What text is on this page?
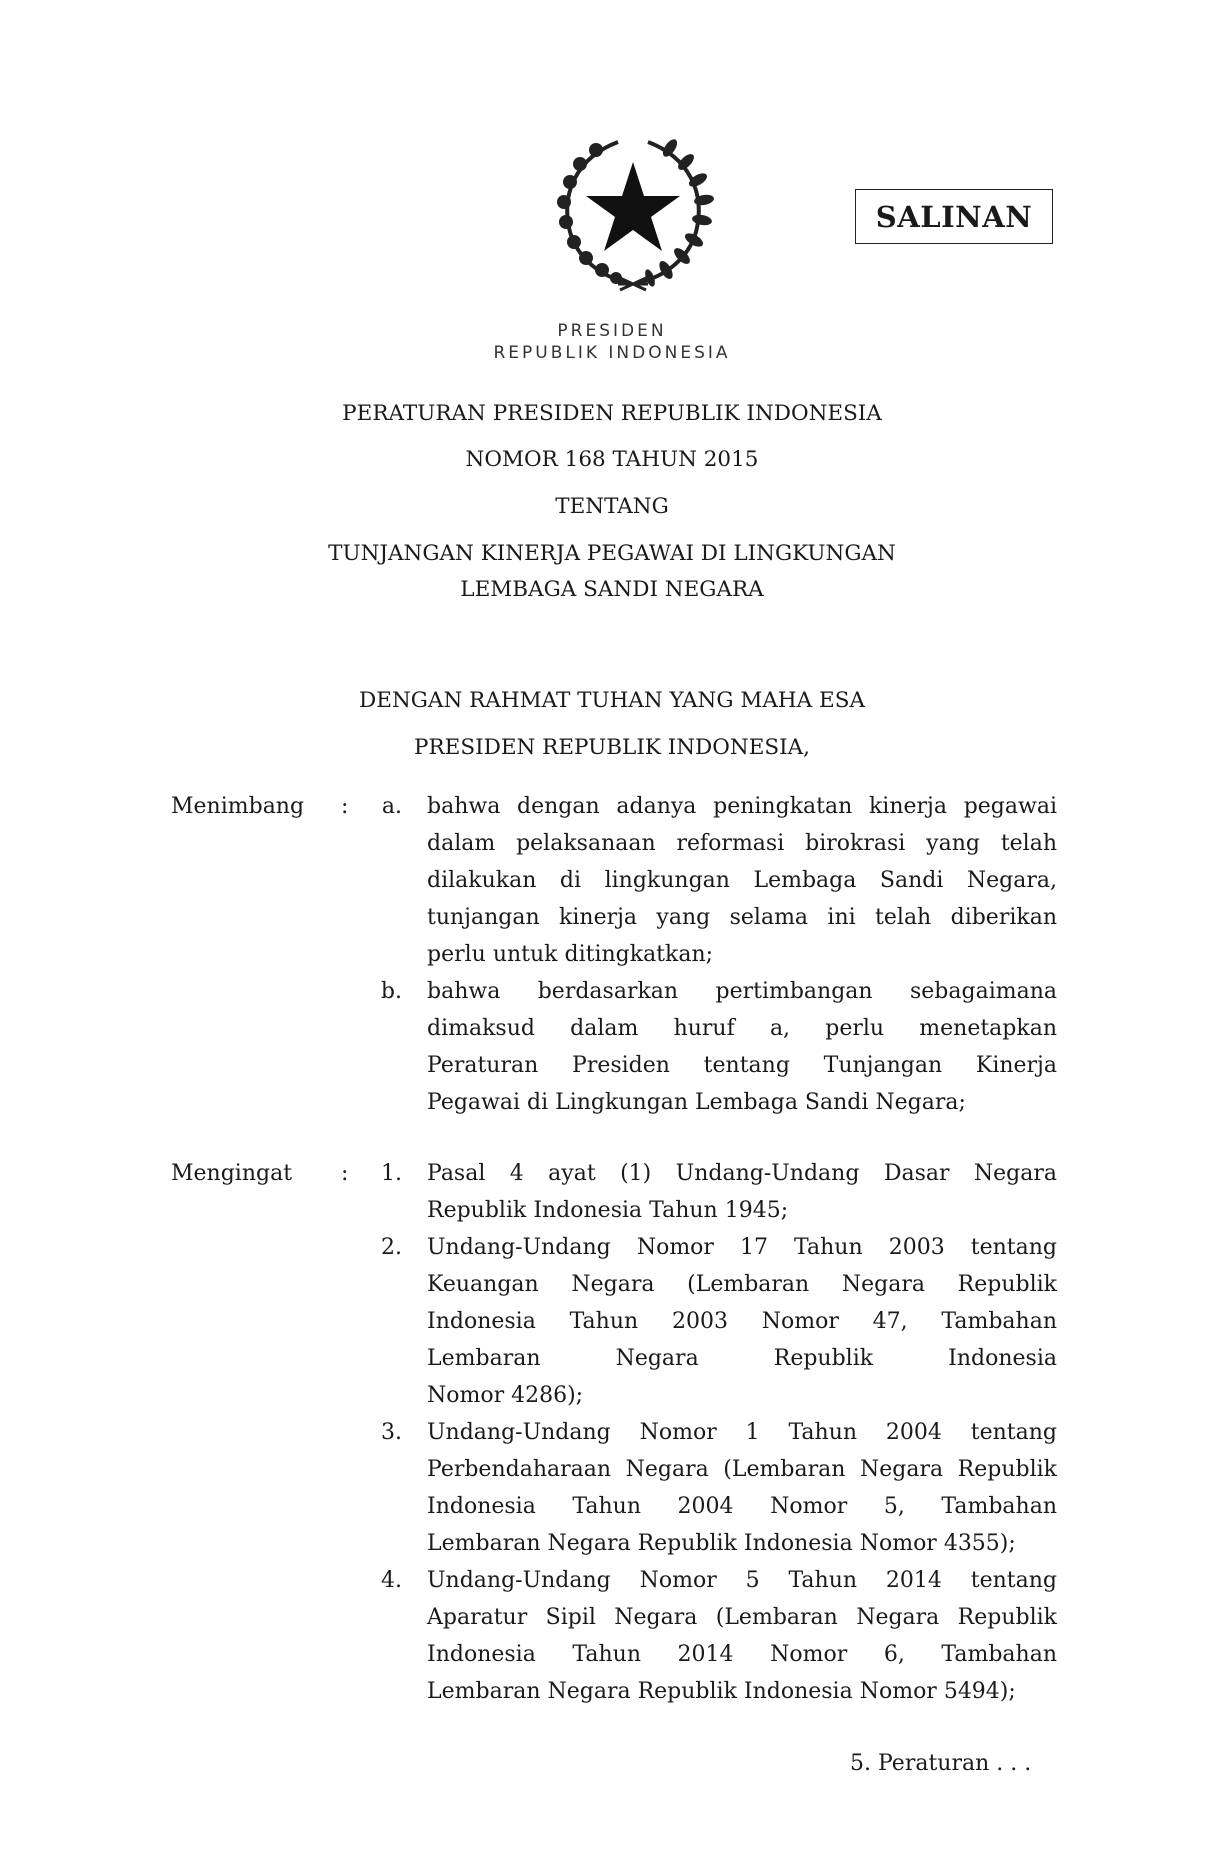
SALINAN
PRESIDEN
REPUBLIK INDONESIA
PERATURAN PRESIDEN REPUBLIK INDONESIA
NOMOR 168 TAHUN 2015
TENTANG
TUNJANGAN KINERJA PEGAWAI DI LINGKUNGAN
LEMBAGA SANDI NEGARA
DENGAN RAHMAT TUHAN YANG MAHA ESA
PRESIDEN REPUBLIK INDONESIA,
Menimbang :	a. bahwa dengan adanya peningkatan kinerja pegawai
dalam pelaksanaan reformasi birokrasi yang telah
dilakukan di lingkungan Lembaga Sandi Negara,
tunjangan kinerja yang selama ini telah diberikan
perlu untuk ditingkatkan;
b. bahwa berdasarkan pertimbangan sebagaimana
dimaksud dalam huruf a, perlu menetapkan
Peraturan Presiden tentang Tunjangan Kinerja
Pegawai di Lingkungan Lembaga Sandi Negara;
Mengingat :	1. Pasal 4 ayat (1) Undang-Undang Dasar Negara
Republik Indonesia Tahun 1945;
2. Undang-Undang Nomor 17 Tahun 2003 tentang
Keuangan Negara (Lembaran Negara Republik
Indonesia Tahun 2003 Nomor 47, Tambahan
Lembaran Negara Republik Indonesia
Nomor 4286);
3. Undang-Undang Nomor 1 Tahun 2004 tentang
Perbendaharaan Negara (Lembaran Negara Republik
Indonesia Tahun 2004 Nomor 5, Tambahan
Lembaran Negara Republik Indonesia Nomor 4355);
4. Undang-Undang Nomor 5 Tahun 2014 tentang
Aparatur Sipil Negara (Lembaran Negara Republik
Indonesia Tahun 2014 Nomor 6, Tambahan
Lembaran Negara Republik Indonesia Nomor 5494);
5. Peraturan . . .
